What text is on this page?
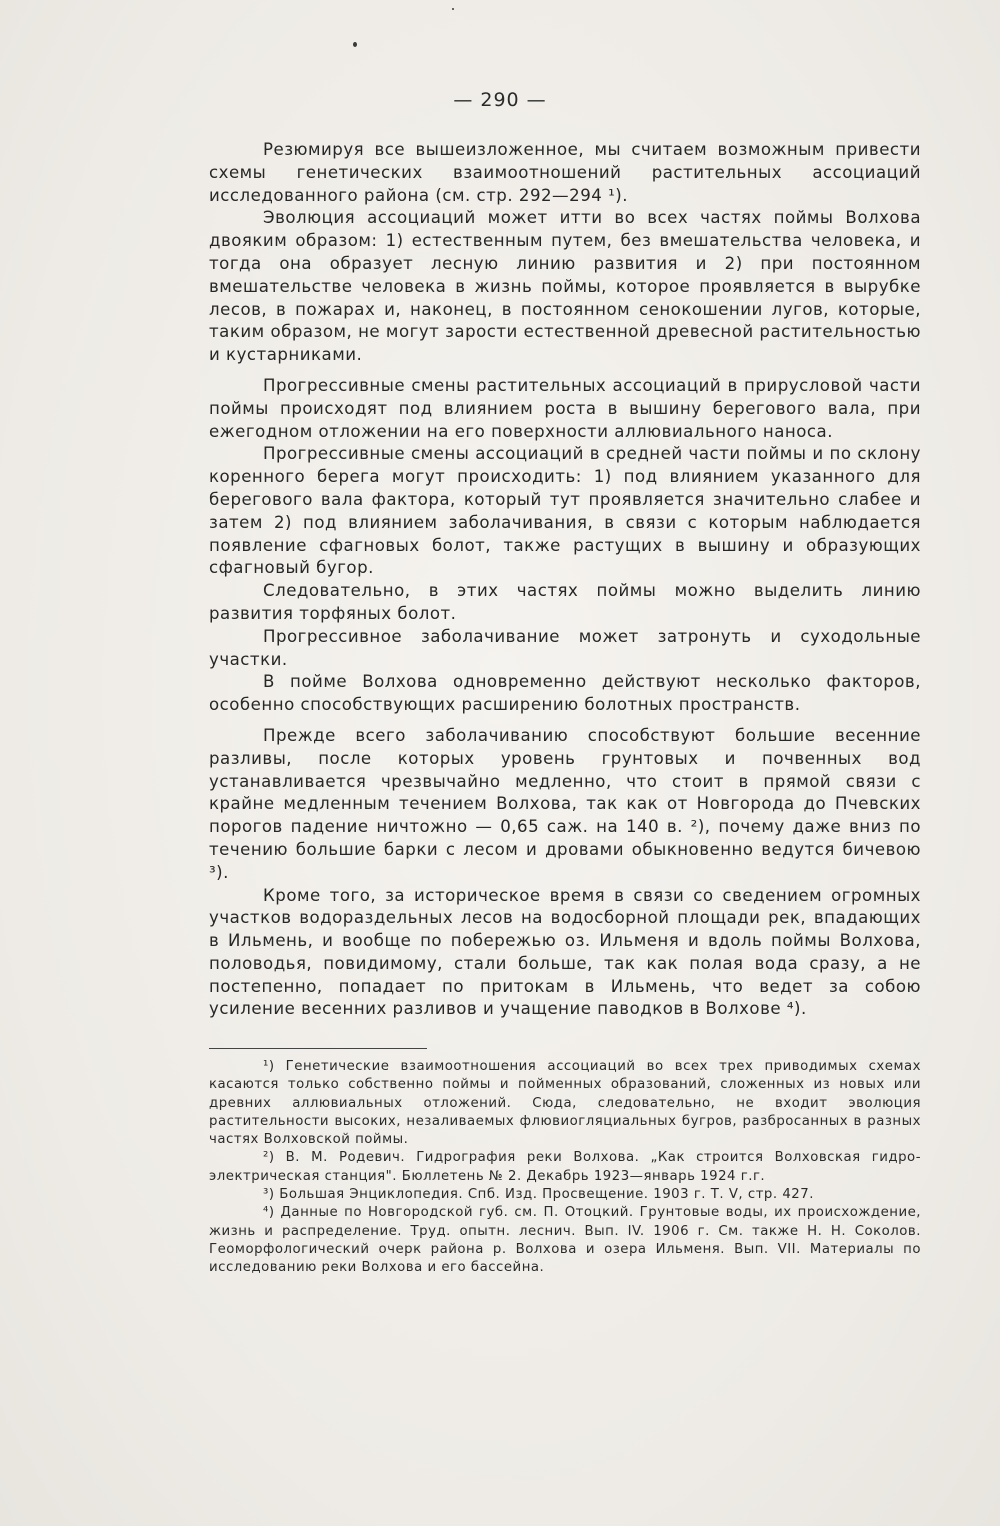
— 290 —

Резюмируя все вышеизложенное, мы считаем возможным привести схемы генетических взаимоотношений растительных ассоциаций исследованного района (см. стр. 292—294 ¹).

Эволюция ассоциаций может итти во всех частях поймы Волхова двояким образом: 1) естественным путем, без вмешательства человека, и тогда она образует лесную линию развития и 2) при постоянном вмешательстве человека в жизнь поймы, которое проявляется в вырубке лесов, в пожарах и, наконец, в постоянном сенокошении лугов, которые, таким образом, не могут зарости естественной древесной растительностью и кустарниками.

Прогрессивные смены растительных ассоциаций в прирусловой части поймы происходят под влиянием роста в вышину берегового вала, при ежегодном отложении на его поверхности аллювиального наноса.

Прогрессивные смены ассоциаций в средней части поймы и по склону коренного берега могут происходить: 1) под влиянием указанного для берегового вала фактора, который тут проявляется значительно слабее и затем 2) под влиянием заболачивания, в связи с которым наблюдается появление сфагновых болот, также растущих в вышину и образующих сфагновый бугор.

Следовательно, в этих частях поймы можно выделить линию развития торфяных болот.

Прогрессивное заболачивание может затронуть и суходольные участки.

В пойме Волхова одновременно действуют несколько факторов, особенно способствующих расширению болотных пространств.

Прежде всего заболачиванию способствуют большие весенние разливы, после которых уровень грунтовых и почвенных вод устанавливается чрезвычайно медленно, что стоит в прямой связи с крайне медленным течением Волхова, так как от Новгорода до Пчевских порогов падение ничтожно — 0,65 саж. на 140 в. ²), почему даже вниз по течению большие барки с лесом и дровами обыкновенно ведутся бичевою ³).

Кроме того, за историческое время в связи со сведением огромных участков водораздельных лесов на водосборной площади рек, впадающих в Ильмень, и вообще по побережью оз. Ильменя и вдоль поймы Волхова, половодья, повидимому, стали больше, так как полая вода сразу, а не постепенно, попадает по притокам в Ильмень, что ведет за собою усиление весенних разливов и учащение паводков в Волхове ⁴).

¹) Генетические взаимоотношения ассоциаций во всех трех приводимых схемах касаются только собственно поймы и пойменных образований, сложенных из новых или древних аллювиальных отложений. Сюда, следовательно, не входит эволюция растительности высоких, незаливаемых флювиогляциальных бугров, разбросанных в разных частях Волховской поймы.

²) В. М. Родевич. Гидрография реки Волхова. „Как строится Волховская гидро-электрическая станция". Бюллетень № 2. Декабрь 1923—январь 1924 г.г.

³) Большая Энциклопедия. Спб. Изд. Просвещение. 1903 г. Т. V, стр. 427.

⁴) Данные по Новгородской губ. см. П. Отоцкий. Грунтовые воды, их происхождение, жизнь и распределение. Труд. опытн. леснич. Вып. IV. 1906 г. См. также Н. Н. Соколов. Геоморфологический очерк района р. Волхова и озера Ильменя. Вып. VII. Материалы по исследованию реки Волхова и его бассейна.
